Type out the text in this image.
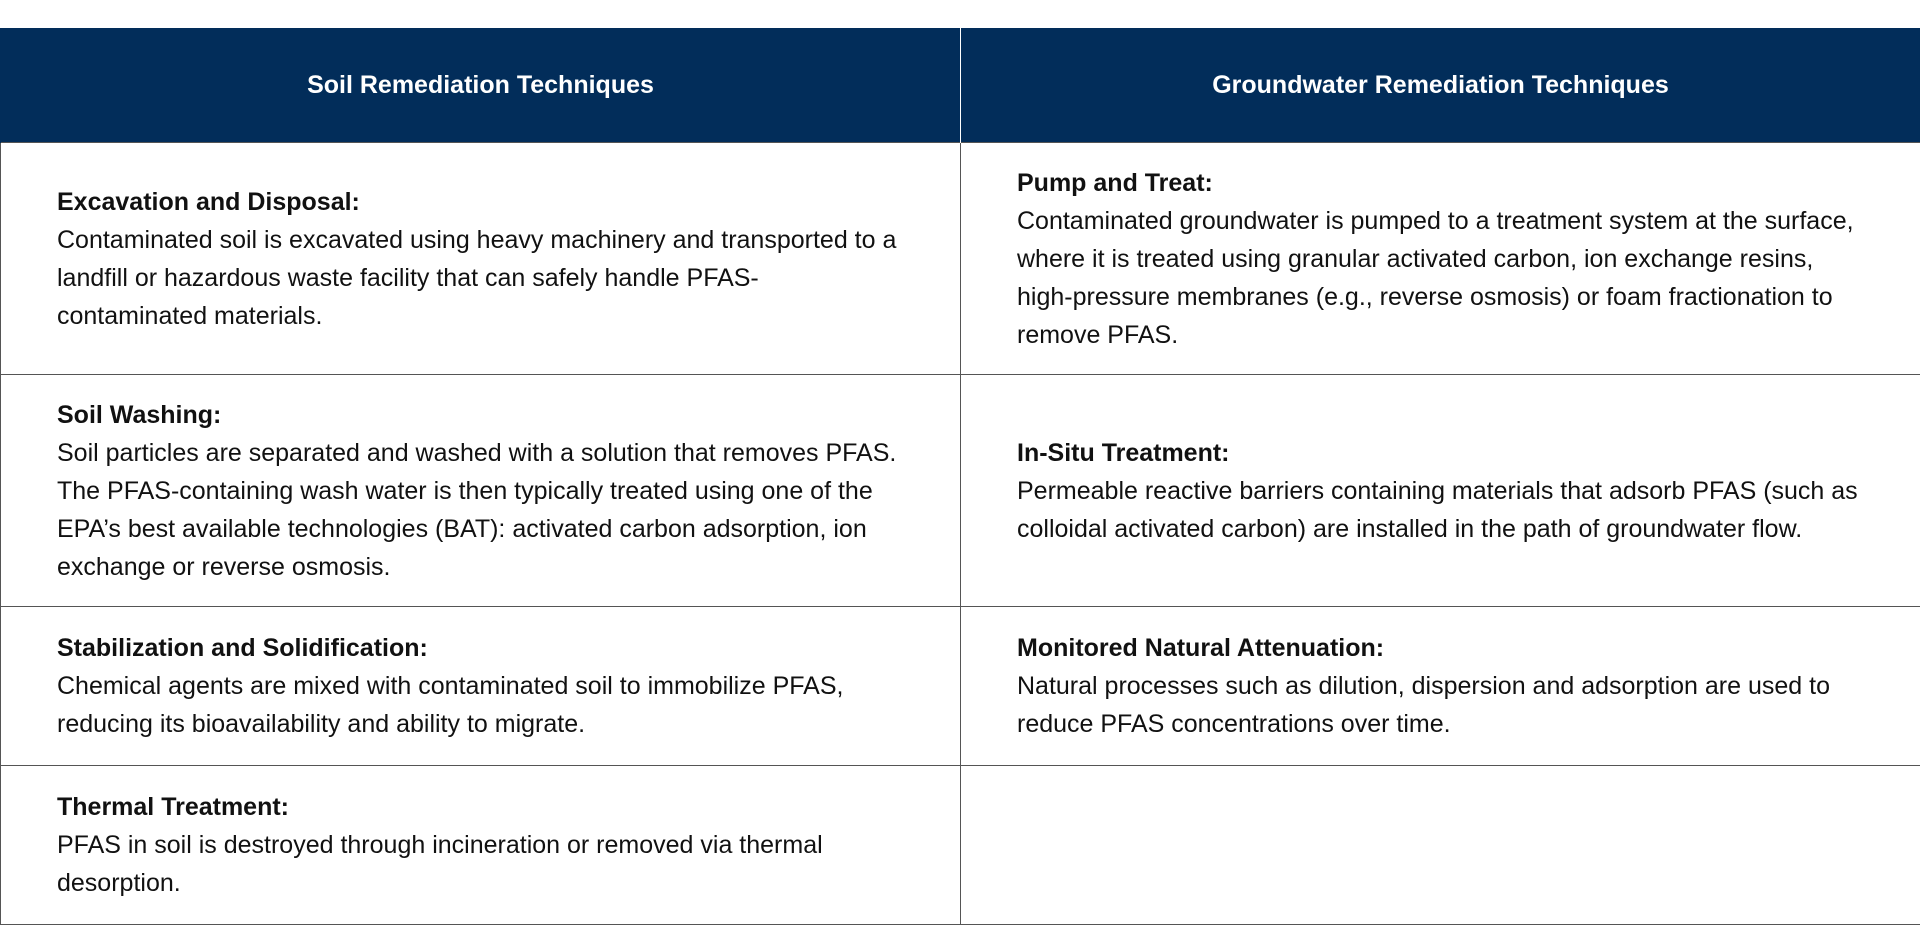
Soil Remediation Techniques	Groundwater Remediation Techniques

Excavation and Disposal:
Contaminated soil is excavated using heavy machinery and transported to a landfill or hazardous waste facility that can safely handle PFAS-contaminated materials.	Pump and Treat:
Contaminated groundwater is pumped to a treatment system at the surface, where it is treated using granular activated carbon, ion exchange resins, high-pressure membranes (e.g., reverse osmosis) or foam fractionation to remove PFAS.

Soil Washing:
Soil particles are separated and washed with a solution that removes PFAS. The PFAS-containing wash water is then typically treated using one of the EPA’s best available technologies (BAT): activated carbon adsorption, ion exchange or reverse osmosis.	In-Situ Treatment:
Permeable reactive barriers containing materials that adsorb PFAS (such as colloidal activated carbon) are installed in the path of groundwater flow.

Stabilization and Solidification:
Chemical agents are mixed with contaminated soil to immobilize PFAS, reducing its bioavailability and ability to migrate.	Monitored Natural Attenuation:
Natural processes such as dilution, dispersion and adsorption are used to reduce PFAS concentrations over time.

Thermal Treatment:
PFAS in soil is destroyed through incineration or removed via thermal desorption.	
